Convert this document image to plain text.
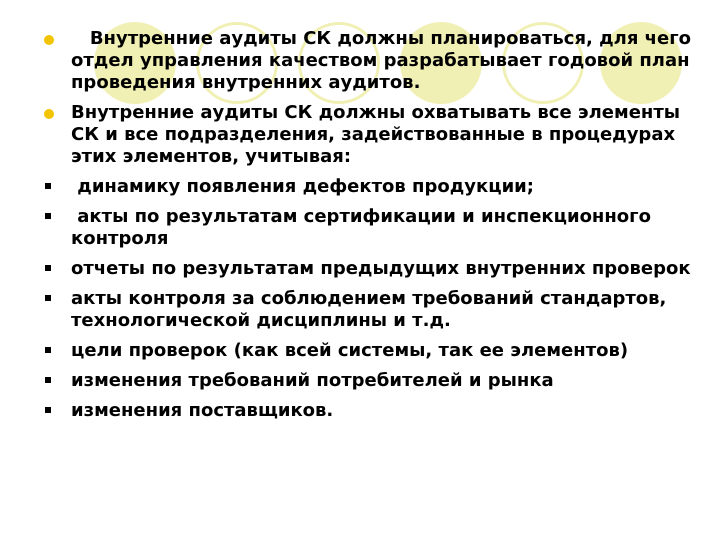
Внутренние аудиты СК должны планироваться, для чего отдел управления качеством разрабатывает годовой план проведения внутренних аудитов.
Внутренние аудиты СК должны охватывать все элементы СК и все подразделения, задействованные в процедурах этих элементов, учитывая:
динамику появления дефектов продукции;
акты по результатам сертификации и инспекционного контроля
отчеты по результатам предыдущих внутренних проверок
акты контроля за соблюдением требований стандартов, технологической дисциплины и т.д.
цели проверок (как всей системы, так ее элементов)
изменения требований потребителей и рынка
изменения поставщиков.
